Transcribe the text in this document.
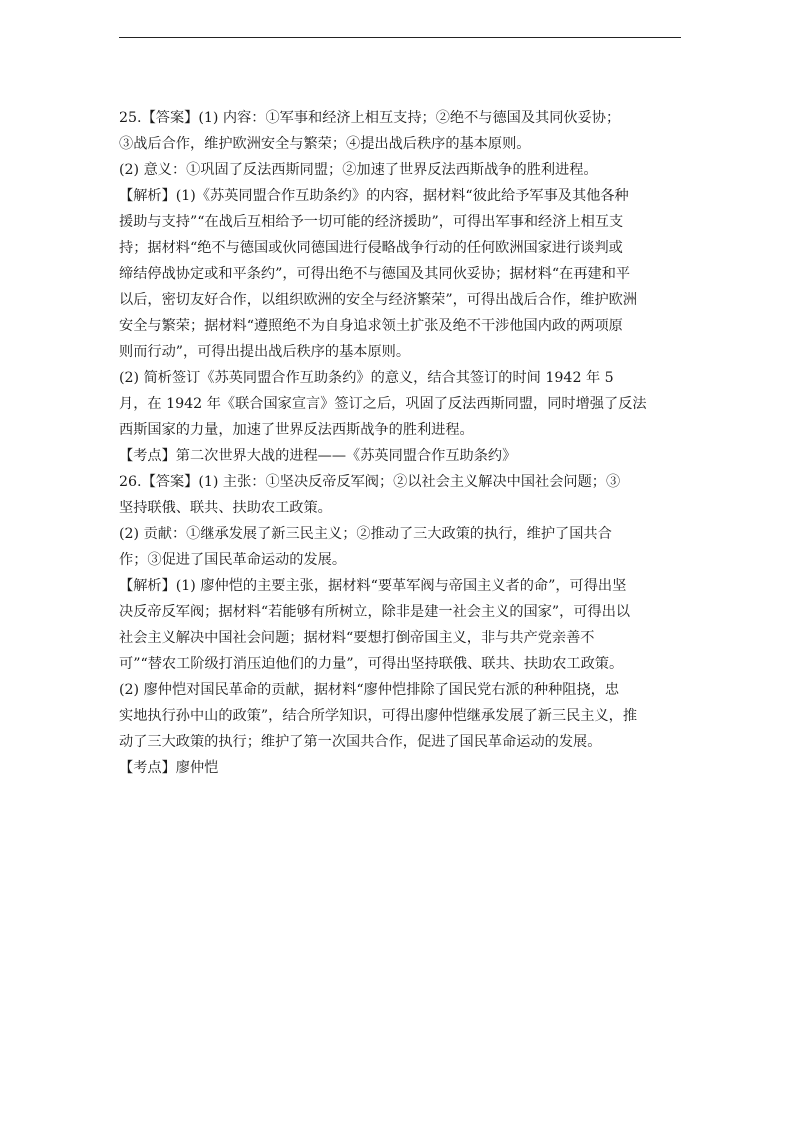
25.【答案】(1) 内容：①军事和经济上相互支持；②绝不与德国及其同伙妥协；
③战后合作，维护欧洲安全与繁荣；④提出战后秩序的基本原则。
(2) 意义：①巩固了反法西斯同盟；②加速了世界反法西斯战争的胜利进程。
【解析】(1)《苏英同盟合作互助条约》的内容，据材料“彼此给予军事及其他各种
援助与支持”“在战后互相给予一切可能的经济援助”，可得出军事和经济上相互支
持；据材料“绝不与德国或伙同德国进行侵略战争行动的任何欧洲国家进行谈判或
缔结停战协定或和平条约”，可得出绝不与德国及其同伙妥协；据材料“在再建和平
以后，密切友好合作，以组织欧洲的安全与经济繁荣”，可得出战后合作，维护欧洲
安全与繁荣；据材料“遵照绝不为自身追求领土扩张及绝不干涉他国内政的两项原
则而行动”，可得出提出战后秩序的基本原则。
(2) 简析签订《苏英同盟合作互助条约》的意义，结合其签订的时间 1942 年 5
月，在 1942 年《联合国家宣言》签订之后，巩固了反法西斯同盟，同时增强了反法
西斯国家的力量，加速了世界反法西斯战争的胜利进程。
【考点】第二次世界大战的进程——《苏英同盟合作互助条约》
26.【答案】(1) 主张：①坚决反帝反军阀；②以社会主义解决中国社会问题；③
坚持联俄、联共、扶助农工政策。
(2) 贡献：①继承发展了新三民主义；②推动了三大政策的执行，维护了国共合
作；③促进了国民革命运动的发展。
【解析】(1) 廖仲恺的主要主张，据材料“要革军阀与帝国主义者的命”，可得出坚
决反帝反军阀；据材料“若能够有所树立，除非是建一社会主义的国家”，可得出以
社会主义解决中国社会问题；据材料“要想打倒帝国主义，非与共产党亲善不
可”“替农工阶级打消压迫他们的力量”，可得出坚持联俄、联共、扶助农工政策。
(2) 廖仲恺对国民革命的贡献，据材料“廖仲恺排除了国民党右派的种种阻挠，忠
实地执行孙中山的政策”，结合所学知识，可得出廖仲恺继承发展了新三民主义，推
动了三大政策的执行；维护了第一次国共合作，促进了国民革命运动的发展。
【考点】廖仲恺
